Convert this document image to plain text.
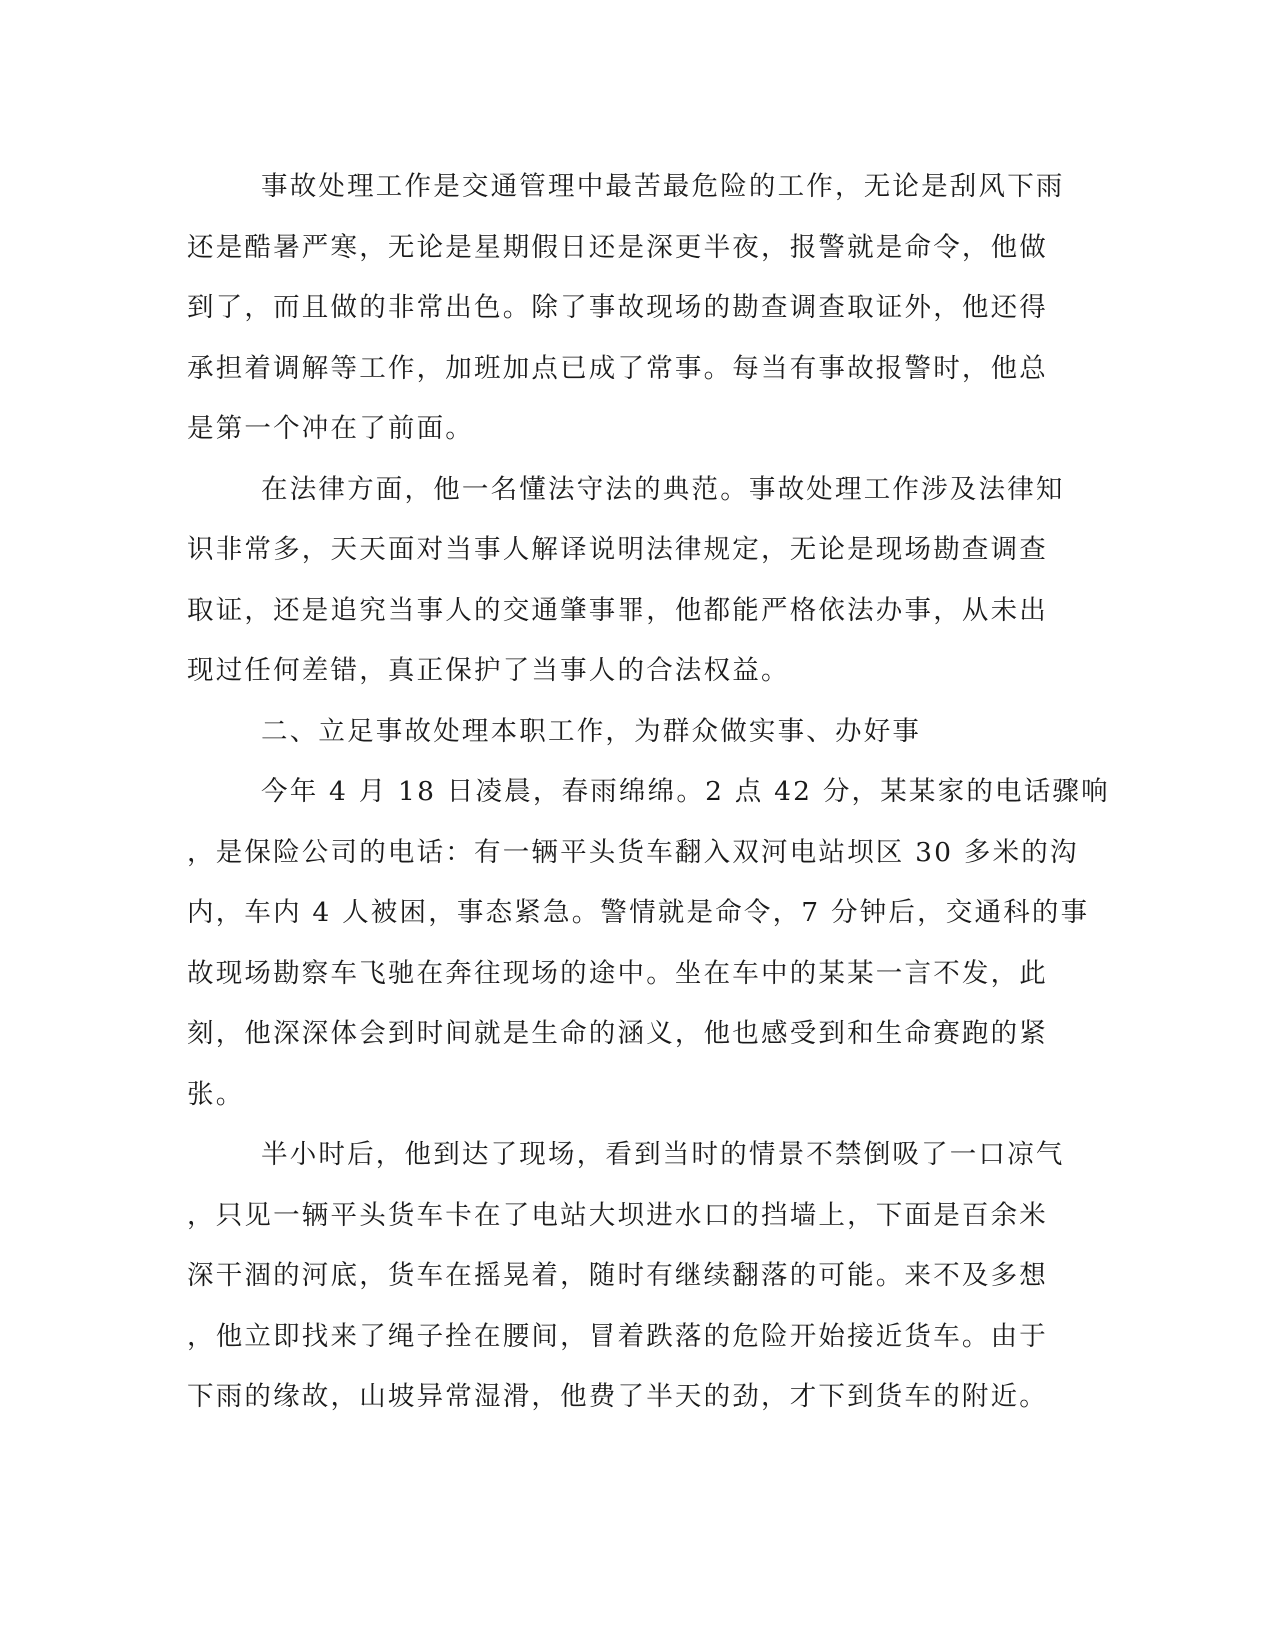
事故处理工作是交通管理中最苦最危险的工作，无论是刮风下雨
还是酷暑严寒，无论是星期假日还是深更半夜，报警就是命令，他做
到了，而且做的非常出色。除了事故现场的勘查调查取证外，他还得
承担着调解等工作，加班加点已成了常事。每当有事故报警时，他总
是第一个冲在了前面。
在法律方面，他一名懂法守法的典范。事故处理工作涉及法律知
识非常多，天天面对当事人解译说明法律规定，无论是现场勘查调查
取证，还是追究当事人的交通肇事罪，他都能严格依法办事，从未出
现过任何差错，真正保护了当事人的合法权益。
二、立足事故处理本职工作，为群众做实事、办好事
今年 4 月 18 日凌晨，春雨绵绵。2 点 42 分，某某家的电话骤响
，是保险公司的电话：有一辆平头货车翻入双河电站坝区 30 多米的沟
内，车内 4 人被困，事态紧急。警情就是命令，7 分钟后，交通科的事
故现场勘察车飞驰在奔往现场的途中。坐在车中的某某一言不发，此
刻，他深深体会到时间就是生命的涵义，他也感受到和生命赛跑的紧
张。
半小时后，他到达了现场，看到当时的情景不禁倒吸了一口凉气
，只见一辆平头货车卡在了电站大坝进水口的挡墙上，下面是百余米
深干涸的河底，货车在摇晃着，随时有继续翻落的可能。来不及多想
，他立即找来了绳子拴在腰间，冒着跌落的危险开始接近货车。由于
下雨的缘故，山坡异常湿滑，他费了半天的劲，才下到货车的附近。
